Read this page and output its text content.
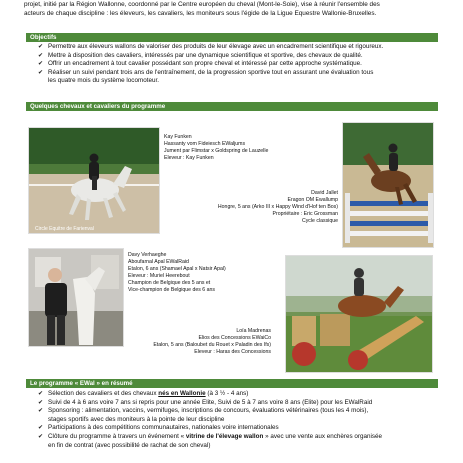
projet, initié par la Région Wallonne, coordonné par le Centre européen du cheval (Mont-le-Soie), vise à réunir l'ensemble des
acteurs de chaque discipline : les éleveurs, les cavaliers, les moniteurs sous l'égide de la Ligue Equestre Wallonie-Bruxelles.
Objectifs
✔ Permettre aux éleveurs wallons de valoriser des produits de leur élevage avec un encadrement scientifique et rigoureux.
✔ Mettre à disposition des cavaliers, intéressés par une dynamique scientifique et sportive, des chevaux de qualité.
✔ Offrir un encadrement à tout cavalier possédant son propre cheval et intéressé par cette approche systématique.
✔ Réaliser un suivi pendant trois ans de l'entraînement, de la progression sportive tout en assurant une évaluation tous
les quatre mois du système locomoteur.
Quelques chevaux et cavaliers du programme
Circle Equitre de Farienval
Kay Funken
Hassanty vom Fideiesch EWaljums
Jument par Flimstar x Goldspring de Lauzelle
Eleveur : Kay Funken
David Jallet
Eragon OM Ewallump
Hongre, 5 ans (Arko III x Happy Wind d'Hof ten Bos)
Propriétaire : Eric Grossman
Cycle classique
Davy Verhaeghe
Aboufarnal Apal EWalRaid
Etalon, 6 ans (Shamael Apal x Natsir Apal)
Eleveur : Muriel Heerebout
Champion de Belgique des 5 ans et
Vice-champion de Belgique des 6 ans
Loïa Madrenas
Elios des Concessions EWaiCo
Etalon, 5 ans (Baloubet du Rouet x Paladin des Ifs)
Eleveur : Haras des Concessions
Le programme « EWal » en résumé
✔ Sélection des cavaliers et des chevaux nés en Wallonie (à 3 ½ - 4 ans)
✔ Suivi de 4 à 6 ans voire 7 ans si repris pour une année Elite, Suivi de 5 à 7 ans voire 8 ans (Elite) pour les EWalRaid
✔ Sponsoring : alimentation, vaccins, vermifuges, inscriptions de concours, évaluations vétérinaires (tous les 4 mois),
stages sportifs avec des moniteurs à la pointe de leur discipline
✔ Participations à des compétitions communautaires, nationales voire internationales
✔ Clôture du programme à travers un événement « vitrine de l'élevage wallon » avec une vente aux enchères organisée
en fin de contrat (avec possibilité de rachat de son cheval)
